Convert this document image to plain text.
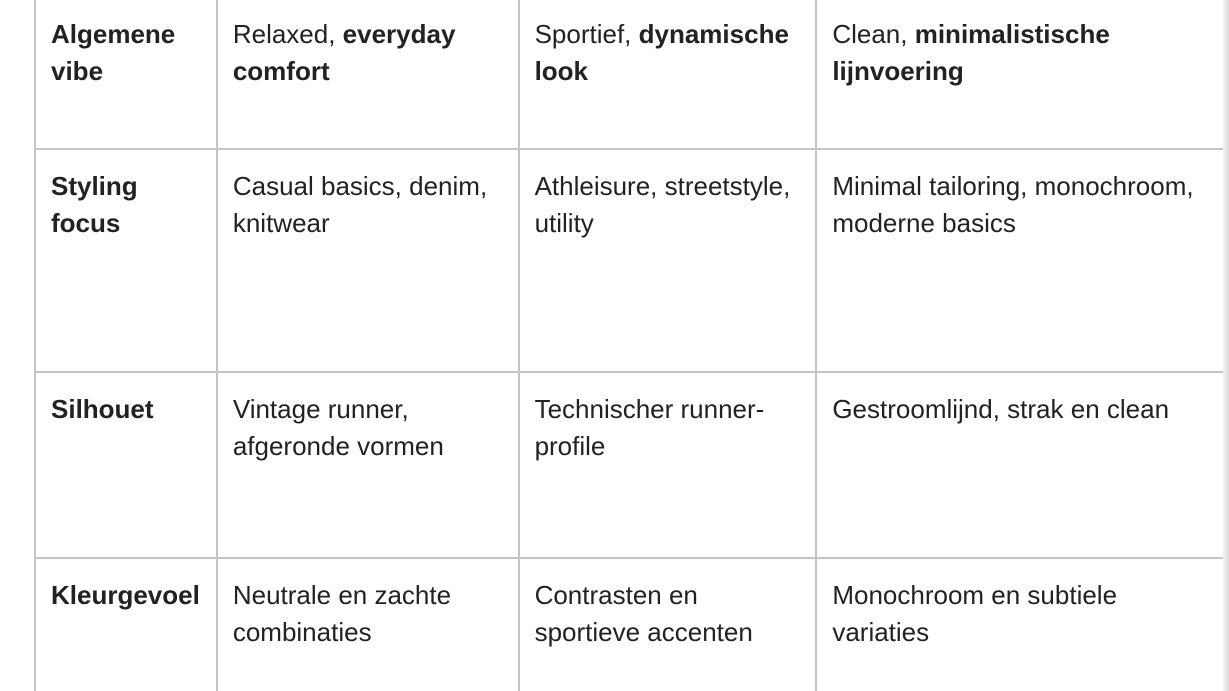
Algemene vibe	Relaxed, everyday comfort	Sportief, dynamische look	Clean, minimalistische lijnvoering
Styling focus	Casual basics, denim, knitwear	Athleisure, streetstyle, utility	Minimal tailoring, monochroom, moderne basics
Silhouet	Vintage runner, afgeronde vormen	Technischer runner-profile	Gestroomlijnd, strak en clean
Kleurgevoel	Neutrale en zachte combinaties	Contrasten en sportieve accenten	Monochroom en subtiele variaties
